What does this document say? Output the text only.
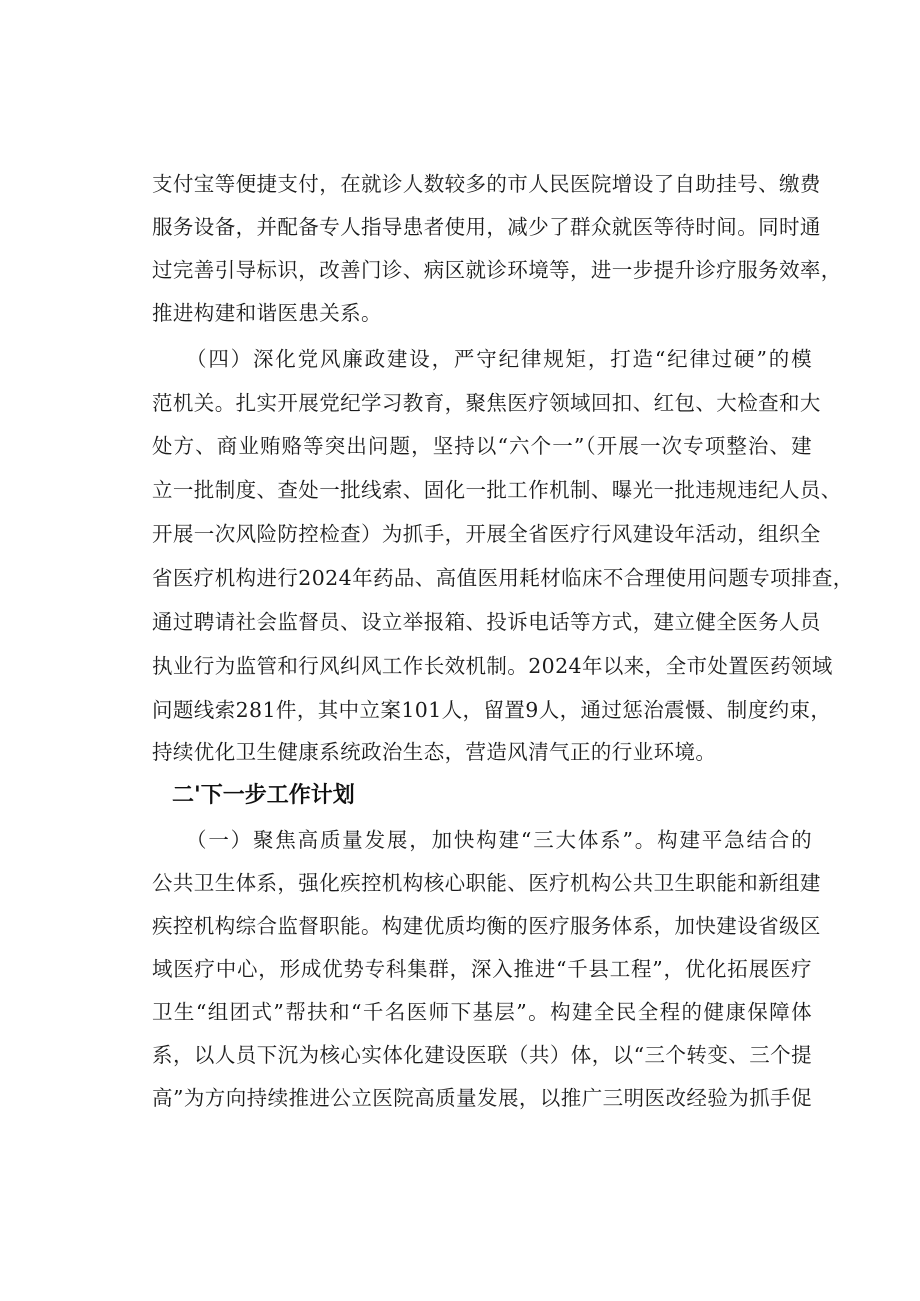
支付宝等便捷支付，在就诊人数较多的市人民医院增设了自助挂号、缴费
服务设备，并配备专人指导患者使用，减少了群众就医等待时间。同时通
过完善引导标识，改善门诊、病区就诊环境等，进一步提升诊疗服务效率，
推进构建和谐医患关系。
（四）深化党风廉政建设，严守纪律规矩，打造“纪律过硬”的模
范机关。扎实开展党纪学习教育，聚焦医疗领域回扣、红包、大检查和大
处方、商业贿赂等突出问题，坚持以“六个一”（开展一次专项整治、建
立一批制度、查处一批线索、固化一批工作机制、曝光一批违规违纪人员、
开展一次风险防控检查）为抓手，开展全省医疗行风建设年活动，组织全
省医疗机构进行2024年药品、高值医用耗材临床不合理使用问题专项排查，
通过聘请社会监督员、设立举报箱、投诉电话等方式，建立健全医务人员
执业行为监管和行风纠风工作长效机制。2024年以来，全市处置医药领域
问题线索281件，其中立案101人，留置9人，通过惩治震慑、制度约束，
持续优化卫生健康系统政治生态，营造风清气正的行业环境。
二'下一步工作计划
（一）聚焦高质量发展，加快构建“三大体系”。构建平急结合的
公共卫生体系，强化疾控机构核心职能、医疗机构公共卫生职能和新组建
疾控机构综合监督职能。构建优质均衡的医疗服务体系，加快建设省级区
域医疗中心，形成优势专科集群，深入推进“千县工程”，优化拓展医疗
卫生“组团式”帮扶和“千名医师下基层”。构建全民全程的健康保障体
系，以人员下沉为核心实体化建设医联（共）体，以“三个转变、三个提
高”为方向持续推进公立医院高质量发展，以推广三明医改经验为抓手促
